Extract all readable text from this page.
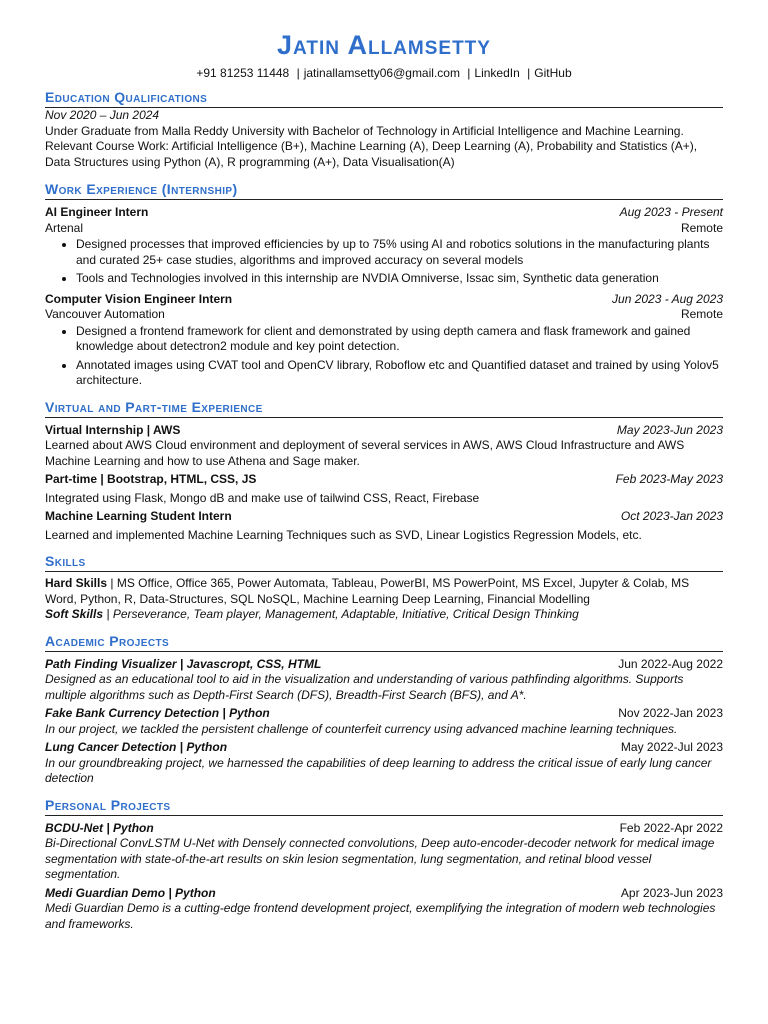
Jatin Allamsetty
+91 81253 11448 | jatinallamsetty06@gmail.com | LinkedIn | GitHub
Education Qualifications
Nov 2020 – Jun 2024
Under Graduate from Malla Reddy University with Bachelor of Technology in Artificial Intelligence and Machine Learning.
Relevant Course Work: Artificial Intelligence (B+), Machine Learning (A), Deep Learning (A), Probability and Statistics (A+), Data Structures using Python (A), R programming (A+), Data Visualisation(A)
Work Experience (Internship)
AI Engineer Intern	Aug 2023 - Present
Artenal	Remote
• Designed processes that improved efficiencies by up to 75% using AI and robotics solutions in the manufacturing plants and curated 25+ case studies, algorithms and improved accuracy on several models
• Tools and Technologies involved in this internship are NVDIA Omniverse, Issac sim, Synthetic data generation
Computer Vision Engineer Intern	Jun 2023 - Aug 2023
Vancouver Automation	Remote
• Designed a frontend framework for client and demonstrated by using depth camera and flask framework and gained knowledge about detectron2 module and key point detection.
• Annotated images using CVAT tool and OpenCV library, Roboflow etc and Quantified dataset and trained by using Yolov5 architecture.
Virtual and Part-time Experience
Virtual Internship | AWS	May 2023-Jun 2023
Learned about AWS Cloud environment and deployment of several services in AWS, AWS Cloud Infrastructure and AWS Machine Learning and how to use Athena and Sage maker.
Part-time | Bootstrap, HTML, CSS, JS	Feb 2023-May 2023
Integrated using Flask, Mongo dB and make use of tailwind CSS, React, Firebase
Machine Learning Student Intern	Oct 2023-Jan 2023
Learned and implemented Machine Learning Techniques such as SVD, Linear Logistics Regression Models, etc.
Skills
Hard Skills | MS Office, Office 365, Power Automata, Tableau, PowerBI, MS PowerPoint, MS Excel, Jupyter & Colab, MS Word, Python, R, Data-Structures, SQL NoSQL, Machine Learning Deep Learning, Financial Modelling
Soft Skills | Perseverance, Team player, Management, Adaptable, Initiative, Critical Design Thinking
Academic Projects
Path Finding Visualizer | Javascropt, CSS, HTML	Jun 2022-Aug 2022
Designed as an educational tool to aid in the visualization and understanding of various pathfinding algorithms. Supports multiple algorithms such as Depth-First Search (DFS), Breadth-First Search (BFS), and A*.
Fake Bank Currency Detection | Python	Nov 2022-Jan 2023
In our project, we tackled the persistent challenge of counterfeit currency using advanced machine learning techniques.
Lung Cancer Detection | Python	May 2022-Jul 2023
In our groundbreaking project, we harnessed the capabilities of deep learning to address the critical issue of early lung cancer detection
Personal Projects
BCDU-Net | Python	Feb 2022-Apr 2022
Bi-Directional ConvLSTM U-Net with Densely connected convolutions, Deep auto-encoder-decoder network for medical image segmentation with state-of-the-art results on skin lesion segmentation, lung segmentation, and retinal blood vessel segmentation.
Medi Guardian Demo | Python	Apr 2023-Jun 2023
Medi Guardian Demo is a cutting-edge frontend development project, exemplifying the integration of modern web technologies and frameworks.
